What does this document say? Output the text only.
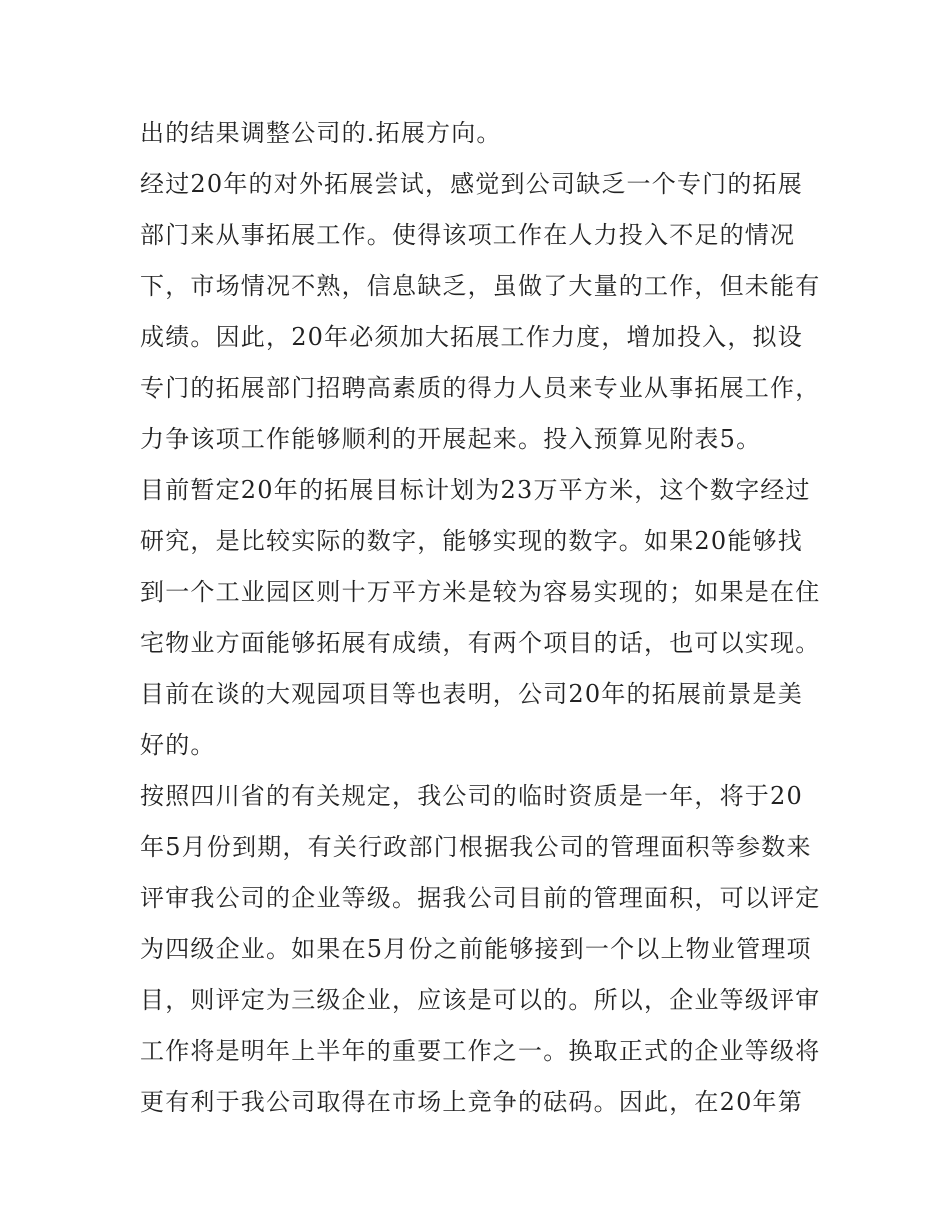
出的结果调整公司的.拓展方向。
经过20年的对外拓展尝试，感觉到公司缺乏一个专门的拓展
部门来从事拓展工作。使得该项工作在人力投入不足的情况
下，市场情况不熟，信息缺乏，虽做了大量的工作，但未能有
成绩。因此，20年必须加大拓展工作力度，增加投入，拟设
专门的拓展部门招聘高素质的得力人员来专业从事拓展工作，
力争该项工作能够顺利的开展起来。投入预算见附表5。
目前暂定20年的拓展目标计划为23万平方米，这个数字经过
研究，是比较实际的数字，能够实现的数字。如果20能够找
到一个工业园区则十万平方米是较为容易实现的；如果是在住
宅物业方面能够拓展有成绩，有两个项目的话，也可以实现。
目前在谈的大观园项目等也表明，公司20年的拓展前景是美
好的。
按照四川省的有关规定，我公司的临时资质是一年，将于20
年5月份到期，有关行政部门根据我公司的管理面积等参数来
评审我公司的企业等级。据我公司目前的管理面积，可以评定
为四级企业。如果在5月份之前能够接到一个以上物业管理项
目，则评定为三级企业，应该是可以的。所以，企业等级评审
工作将是明年上半年的重要工作之一。换取正式的企业等级将
更有利于我公司取得在市场上竞争的砝码。因此，在20年第
